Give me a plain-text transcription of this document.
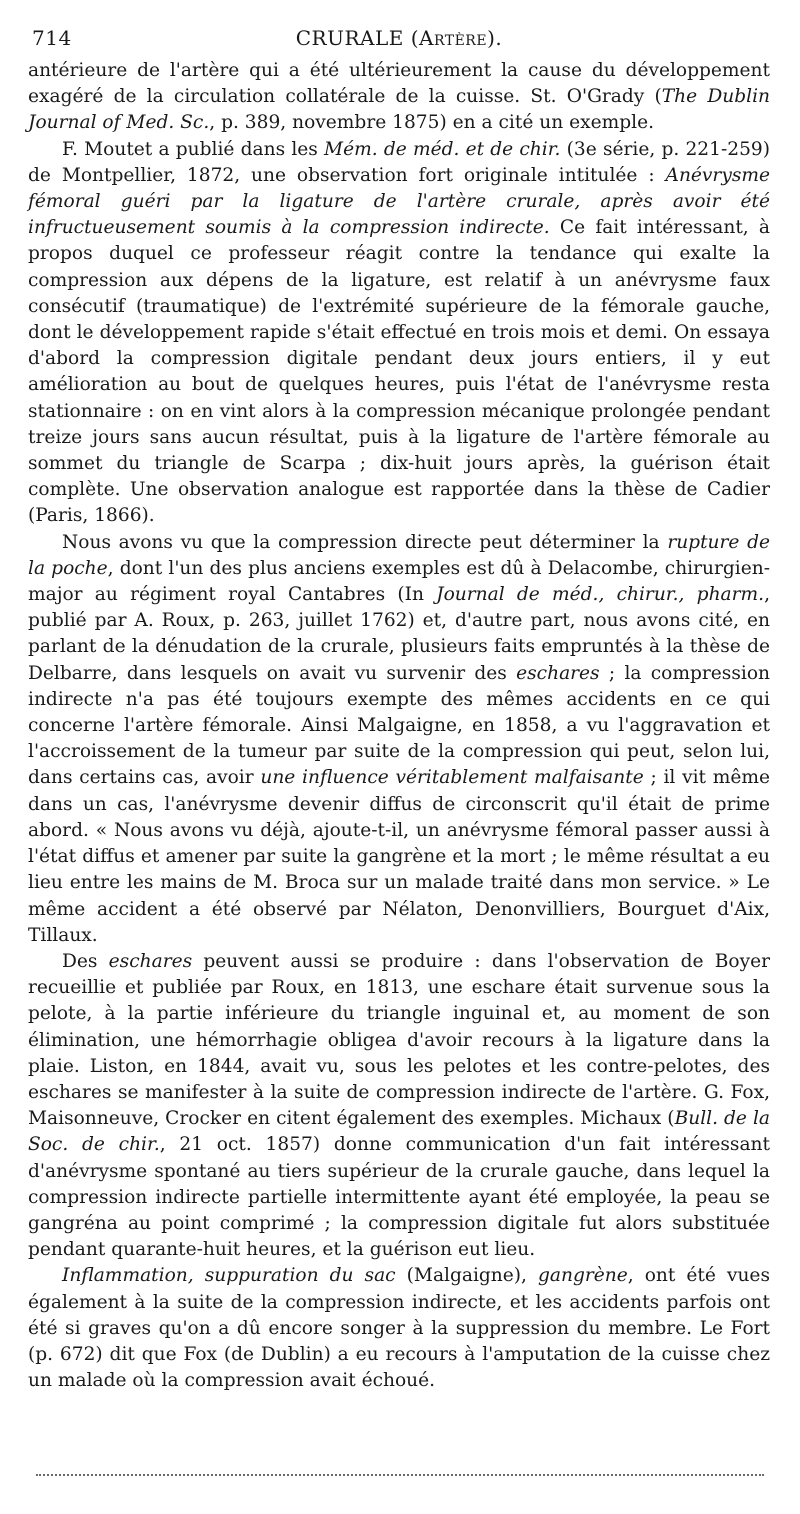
714	CRURALE (Artère).

antérieure de l'artère qui a été ultérieurement la cause du développement exagéré de la circulation collatérale de la cuisse. St. O'Grady (The Dublin Journal of Med. Sc., p. 389, novembre 1875) en a cité un exemple.

F. Moutet a publié dans les Mém. de méd. et de chir. (3e série, p. 221-259) de Montpellier, 1872, une observation fort originale intitulée : Anévrysme fémoral guéri par la ligature de l'artère crurale, après avoir été infructueusement soumis à la compression indirecte. Ce fait intéressant, à propos duquel ce professeur réagit contre la tendance qui exalte la compression aux dépens de la ligature, est relatif à un anévrysme faux consécutif (traumatique) de l'extrémité supérieure de la fémorale gauche, dont le développement rapide s'était effectué en trois mois et demi. On essaya d'abord la compression digitale pendant deux jours entiers, il y eut amélioration au bout de quelques heures, puis l'état de l'anévrysme resta stationnaire : on en vint alors à la compression mécanique prolongée pendant treize jours sans aucun résultat, puis à la ligature de l'artère fémorale au sommet du triangle de Scarpa ; dix-huit jours après, la guérison était complète. Une observation analogue est rapportée dans la thèse de Cadier (Paris, 1866).

Nous avons vu que la compression directe peut déterminer la rupture de la poche, dont l'un des plus anciens exemples est dû à Delacombe, chirurgien-major au régiment royal Cantabres (In Journal de méd., chirur., pharm., publié par A. Roux, p. 263, juillet 1762) et, d'autre part, nous avons cité, en parlant de la dénudation de la crurale, plusieurs faits empruntés à la thèse de Delbarre, dans lesquels on avait vu survenir des eschares ; la compression indirecte n'a pas été toujours exempte des mêmes accidents en ce qui concerne l'artère fémorale. Ainsi Malgaigne, en 1858, a vu l'aggravation et l'accroissement de la tumeur par suite de la compression qui peut, selon lui, dans certains cas, avoir une influence véritablement malfaisante ; il vit même dans un cas, l'anévrysme devenir diffus de circonscrit qu'il était de prime abord. « Nous avons vu déjà, ajoute-t-il, un anévrysme fémoral passer aussi à l'état diffus et amener par suite la gangrène et la mort ; le même résultat a eu lieu entre les mains de M. Broca sur un malade traité dans mon service. » Le même accident a été observé par Nélaton, Denonvilliers, Bourguet d'Aix, Tillaux.

Des eschares peuvent aussi se produire : dans l'observation de Boyer recueillie et publiée par Roux, en 1813, une eschare était survenue sous la pelote, à la partie inférieure du triangle inguinal et, au moment de son élimination, une hémorrhagie obligea d'avoir recours à la ligature dans la plaie. Liston, en 1844, avait vu, sous les pelotes et les contre-pelotes, des eschares se manifester à la suite de compression indirecte de l'artère. G. Fox, Maisonneuve, Crocker en citent également des exemples. Michaux (Bull. de la Soc. de chir., 21 oct. 1857) donne communication d'un fait intéressant d'anévrysme spontané au tiers supérieur de la crurale gauche, dans lequel la compression indirecte partielle intermittente ayant été employée, la peau se gangréna au point comprimé ; la compression digitale fut alors substituée pendant quarante-huit heures, et la guérison eut lieu.

Inflammation, suppuration du sac (Malgaigne), gangrène, ont été vues également à la suite de la compression indirecte, et les accidents parfois ont été si graves qu'on a dû encore songer à la suppression du membre. Le Fort (p. 672) dit que Fox (de Dublin) a eu recours à l'amputation de la cuisse chez un malade où la compression avait échoué.
